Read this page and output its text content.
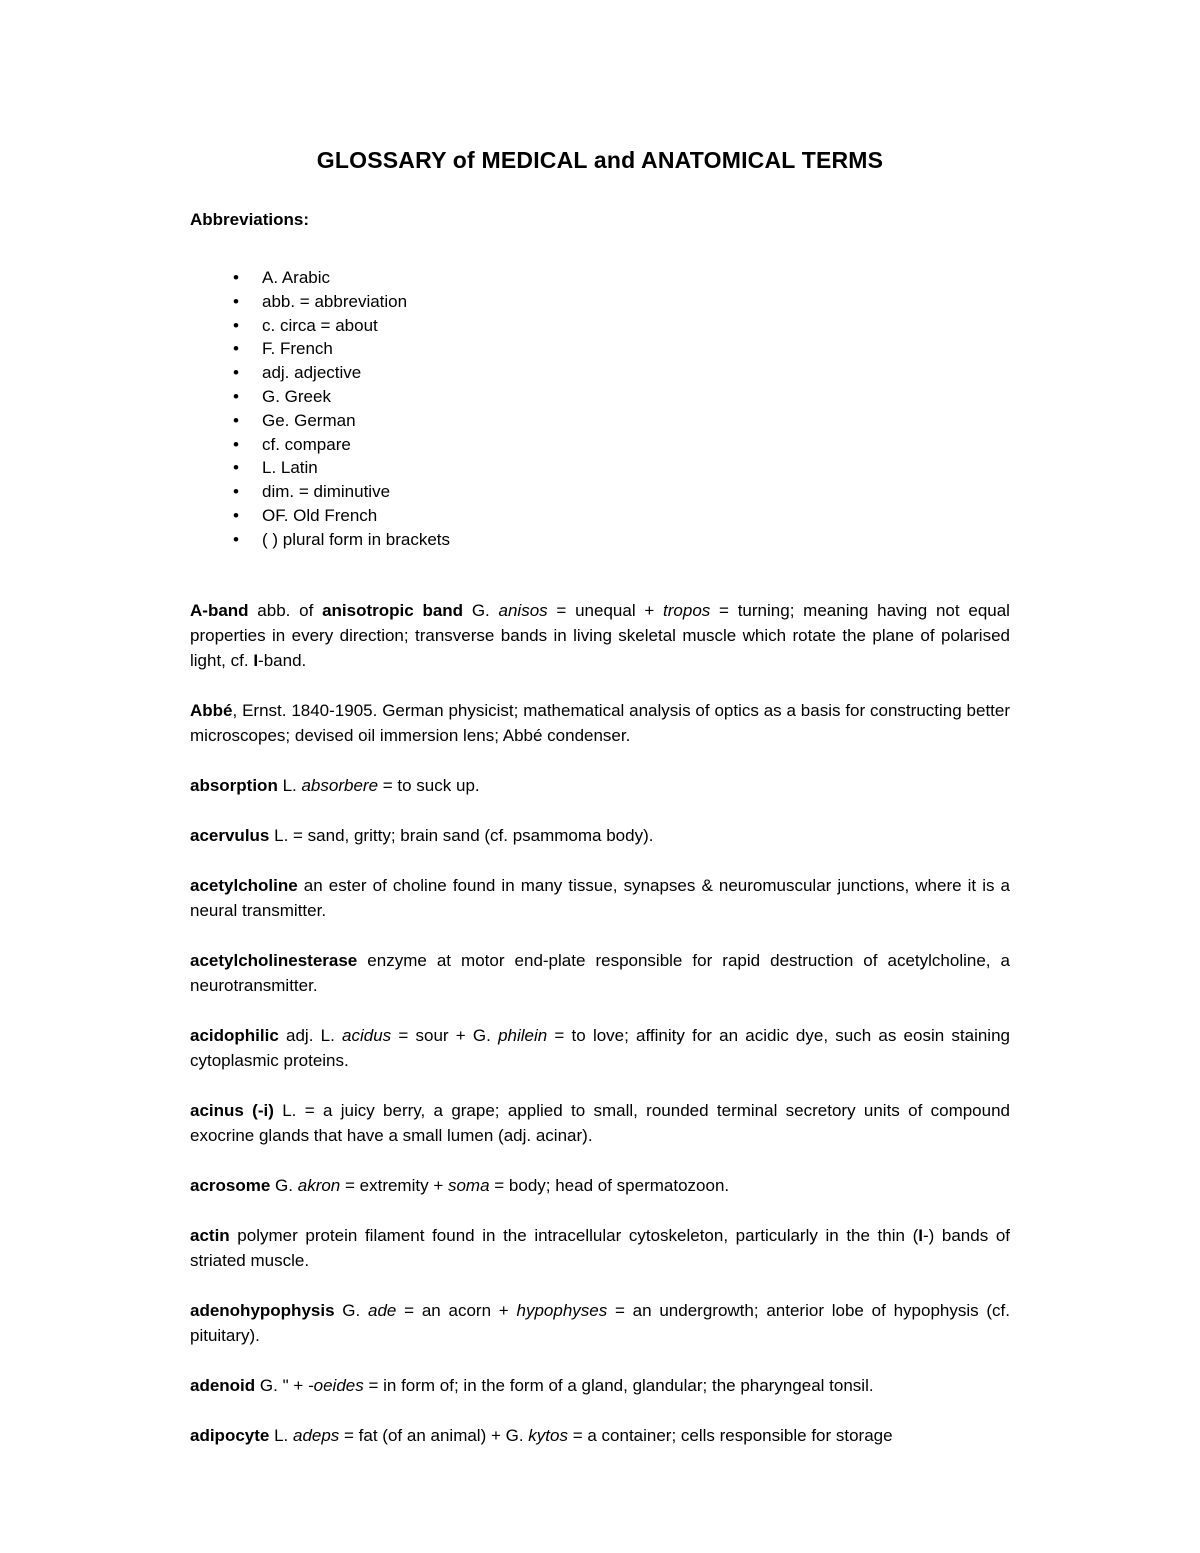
GLOSSARY of MEDICAL and ANATOMICAL TERMS

Abbreviations:

• A. Arabic
• abb. = abbreviation
• c. circa = about
• F. French
• adj. adjective
• G. Greek
• Ge. German
• cf. compare
• L. Latin
• dim. = diminutive
• OF. Old French
• ( ) plural form in brackets

A-band abb. of anisotropic band G. anisos = unequal + tropos = turning; meaning having not equal properties in every direction; transverse bands in living skeletal muscle which rotate the plane of polarised light, cf. I-band.

Abbé, Ernst. 1840-1905. German physicist; mathematical analysis of optics as a basis for constructing better microscopes; devised oil immersion lens; Abbé condenser.

absorption L. absorbere = to suck up.

acervulus L. = sand, gritty; brain sand (cf. psammoma body).

acetylcholine an ester of choline found in many tissue, synapses & neuromuscular junctions, where it is a neural transmitter.

acetylcholinesterase enzyme at motor end-plate responsible for rapid destruction of acetylcholine, a neurotransmitter.

acidophilic adj. L. acidus = sour + G. philein = to love; affinity for an acidic dye, such as eosin staining cytoplasmic proteins.

acinus (-i) L. = a juicy berry, a grape; applied to small, rounded terminal secretory units of compound exocrine glands that have a small lumen (adj. acinar).

acrosome G. akron = extremity + soma = body; head of spermatozoon.

actin polymer protein filament found in the intracellular cytoskeleton, particularly in the thin (I-) bands of striated muscle.

adenohypophysis G. ade = an acorn + hypophyses = an undergrowth; anterior lobe of hypophysis (cf. pituitary).

adenoid G. " + -oeides = in form of; in the form of a gland, glandular; the pharyngeal tonsil.

adipocyte L. adeps = fat (of an animal) + G. kytos = a container; cells responsible for storage
